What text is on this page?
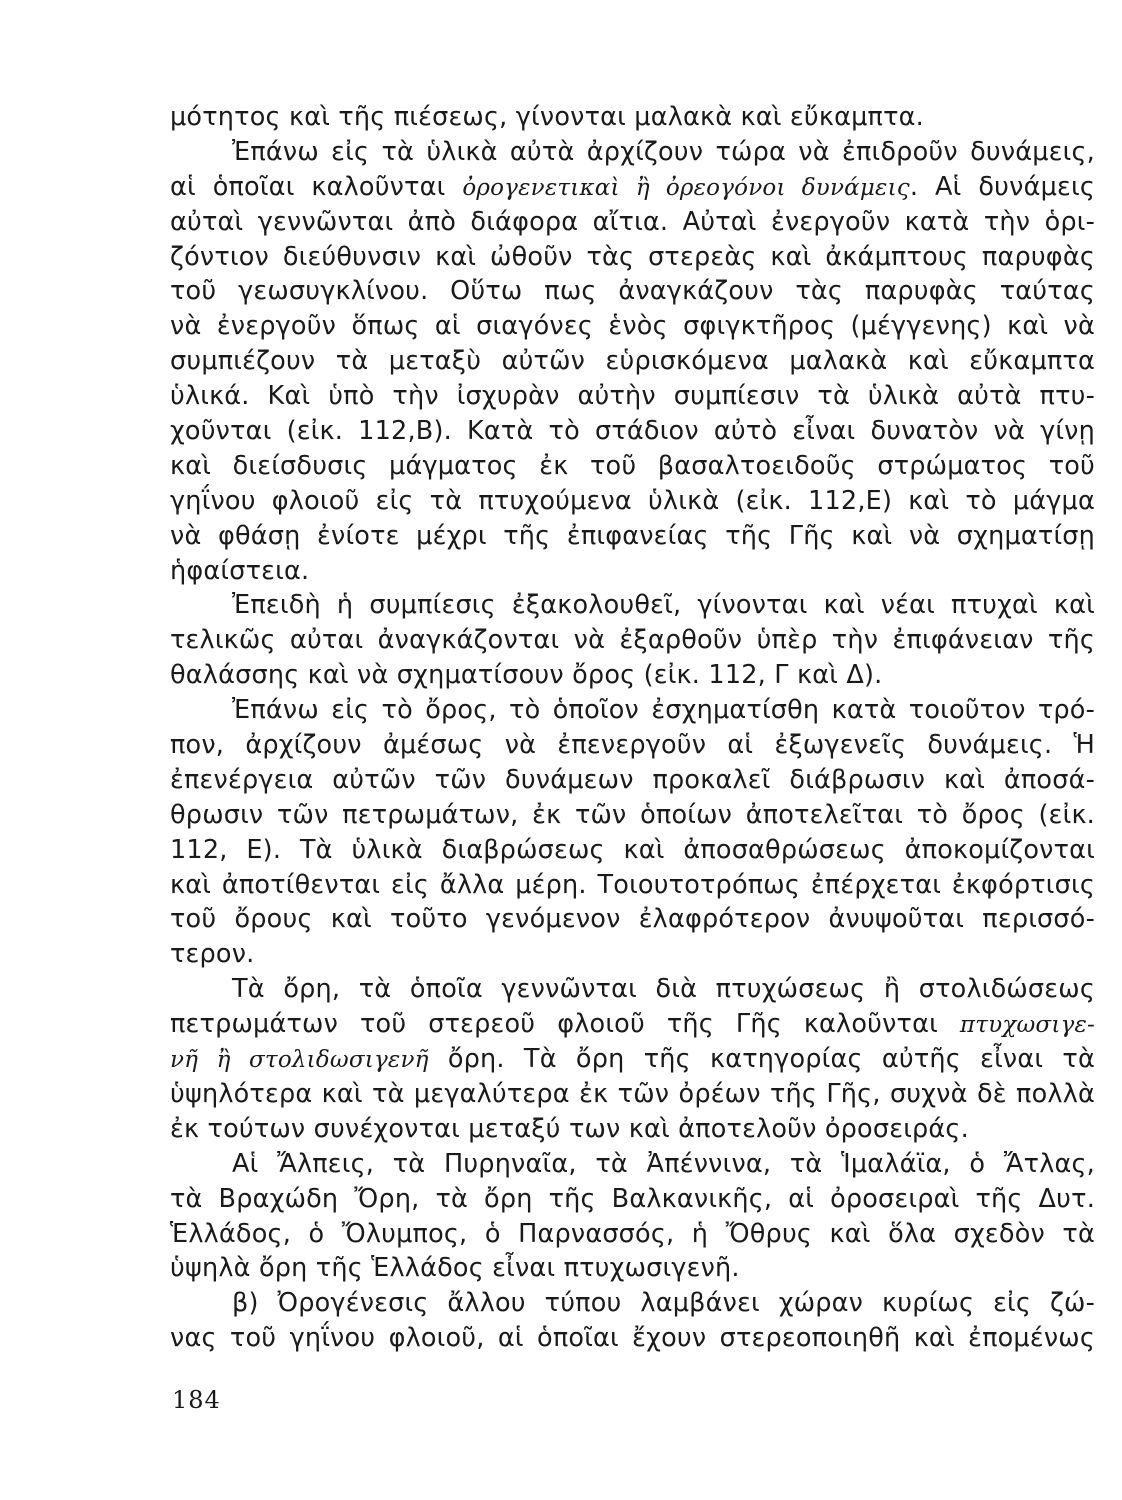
μότητος καὶ τῆς πιέσεως, γίνονται μαλακὰ καὶ εὔκαμπτα.
Ἐπάνω εἰς τὰ ὑλικὰ αὐτὰ ἀρχίζουν τώρα νὰ ἐπιδροῦν δυνάμεις,
αἱ ὁποῖαι καλοῦνται ὀρογενετικαὶ ἢ ὀρεογόνοι δυνάμεις. Αἱ δυνάμεις
αὐταὶ γεννῶνται ἀπὸ διάφορα αἴτια. Αὐταὶ ἐνεργοῦν κατὰ τὴν ὁρι-
ζόντιον διεύθυνσιν καὶ ὠθοῦν τὰς στερεὰς καὶ ἀκάμπτους παρυφὰς
τοῦ γεωσυγκλίνου. Οὕτω πως ἀναγκάζουν τὰς παρυφὰς ταύτας
νὰ ἐνεργοῦν ὅπως αἱ σιαγόνες ἑνὸς σφιγκτῆρος (μέγγενης) καὶ νὰ
συμπιέζουν τὰ μεταξὺ αὐτῶν εὑρισκόμενα μαλακὰ καὶ εὔκαμπτα
ὑλικά. Καὶ ὑπὸ τὴν ἰσχυρὰν αὐτὴν συμπίεσιν τὰ ὑλικὰ αὐτὰ πτυ-
χοῦνται (εἰκ. 112,Β). Κατὰ τὸ στάδιον αὐτὸ εἶναι δυνατὸν νὰ γίνῃ
καὶ διείσδυσις μάγματος ἐκ τοῦ βασαλτοειδοῦς στρώματος τοῦ
γηΐνου φλοιοῦ εἰς τὰ πτυχούμενα ὑλικὰ (εἰκ. 112,Ε) καὶ τὸ μάγμα
νὰ φθάσῃ ἐνίοτε μέχρι τῆς ἐπιφανείας τῆς Γῆς καὶ νὰ σχηματίσῃ
ἡφαίστεια.
Ἐπειδὴ ἡ συμπίεσις ἐξακολουθεῖ, γίνονται καὶ νέαι πτυχαὶ καὶ
τελικῶς αὐται ἀναγκάζονται νὰ ἐξαρθοῦν ὑπὲρ τὴν ἐπιφάνειαν τῆς
θαλάσσης καὶ νὰ σχηματίσουν ὄρος (εἰκ. 112, Γ καὶ Δ).
Ἐπάνω εἰς τὸ ὄρος, τὸ ὁποῖον ἐσχηματίσθη κατὰ τοιοῦτον τρό-
πον, ἀρχίζουν ἀμέσως νὰ ἐπενεργοῦν αἱ ἐξωγενεῖς δυνάμεις. Ἡ
ἐπενέργεια αὐτῶν τῶν δυνάμεων προκαλεῖ διάβρωσιν καὶ ἀποσά-
θρωσιν τῶν πετρωμάτων, ἐκ τῶν ὁποίων ἀποτελεῖται τὸ ὄρος (εἰκ.
112, Ε). Τὰ ὑλικὰ διαβρώσεως καὶ ἀποσαθρώσεως ἀποκομίζονται
καὶ ἀποτίθενται εἰς ἄλλα μέρη. Τοιουτοτρόπως ἐπέρχεται ἐκφόρτισις
τοῦ ὄρους καὶ τοῦτο γενόμενον ἐλαφρότερον ἀνυψοῦται περισσό-
τερον.
Τὰ ὄρη, τὰ ὁποῖα γεννῶνται διὰ πτυχώσεως ἢ στολιδώσεως
πετρωμάτων τοῦ στερεοῦ φλοιοῦ τῆς Γῆς καλοῦνται πτυχωσιγε-
νῆ ἢ στολιδωσιγενῆ ὄρη. Τὰ ὄρη τῆς κατηγορίας αὐτῆς εἶναι τὰ
ὑψηλότερα καὶ τὰ μεγαλύτερα ἐκ τῶν ὀρέων τῆς Γῆς, συχνὰ δὲ πολλὰ
ἐκ τούτων συνέχονται μεταξύ των καὶ ἀποτελοῦν ὀροσειράς.
Αἱ Ἄλπεις, τὰ Πυρηναῖα, τὰ Ἀπέννινα, τὰ Ἱμαλάϊα, ὁ Ἄτλας,
τὰ Βραχώδη Ὄρη, τὰ ὄρη τῆς Βαλκανικῆς, αἱ ὀροσειραὶ τῆς Δυτ.
Ἑλλάδος, ὁ Ὄλυμπος, ὁ Παρνασσός, ἡ Ὄθρυς καὶ ὅλα σχεδὸν τὰ
ὑψηλὰ ὄρη τῆς Ἑλλάδος εἶναι πτυχωσιγενῆ.
β) Ὀρογένεσις ἄλλου τύπου λαμβάνει χώραν κυρίως εἰς ζώ-
νας τοῦ γηΐνου φλοιοῦ, αἱ ὁποῖαι ἔχουν στερεοποιηθῆ καὶ ἐπομένως
184
